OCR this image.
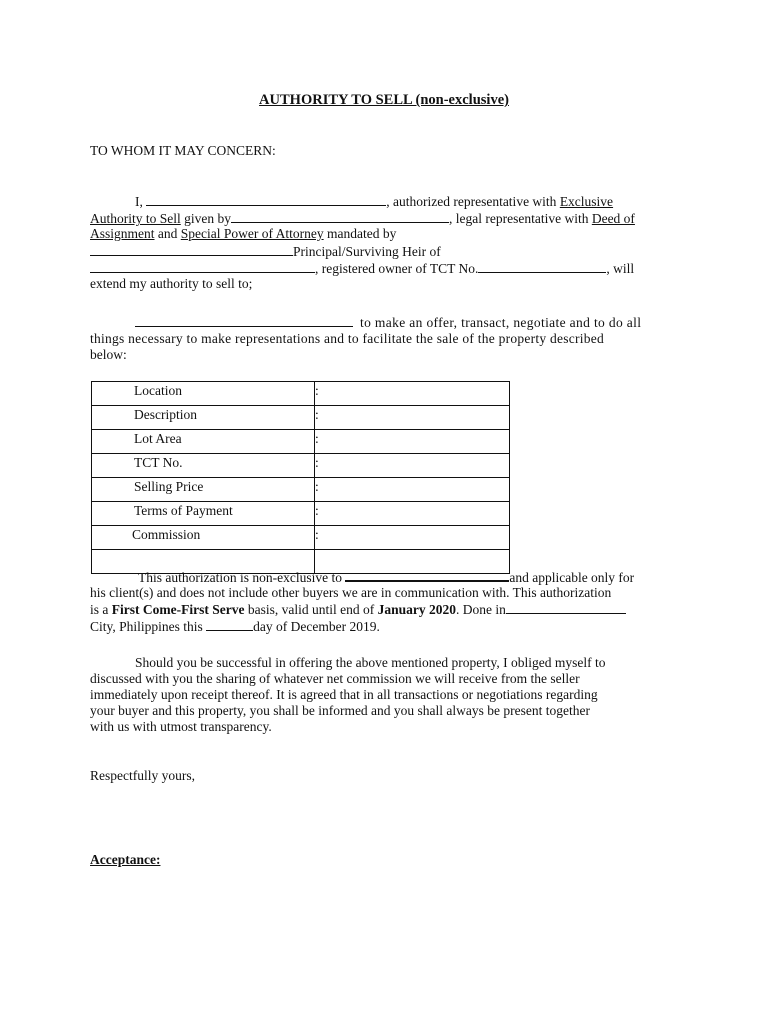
AUTHORITY TO SELL (non-exclusive)
TO WHOM IT MAY CONCERN:
I,	, authorized representative with Exclusive
Authority to Sell given by	, legal representative with Deed of
Assignment and Special Power of Attorney mandated by
Principal/Surviving Heir of
, registered owner of TCT No.	, will
extend my authority to sell to;
to make an offer, transact, negotiate and to do all
things necessary to make representations and to facilitate the sale of the property described
below:
Location	:
Description	:
Lot Area	:
TCT No.	:
Selling Price	:
Terms of Payment	:
Commission	:

This authorization is non-exclusive to	and applicable only for
his client(s) and does not include other buyers we are in communication with. This authorization
is a First Come-First Serve basis, valid until end of January 2020. Done in
City, Philippines this	day of December 2019.
Should you be successful in offering the above mentioned property, I obliged myself to
discussed with you the sharing of whatever net commission we will receive from the seller
immediately upon receipt thereof. It is agreed that in all transactions or negotiations regarding
your buyer and this property, you shall be informed and you shall always be present together
with us with utmost transparency.
Respectfully yours,
Acceptance:
